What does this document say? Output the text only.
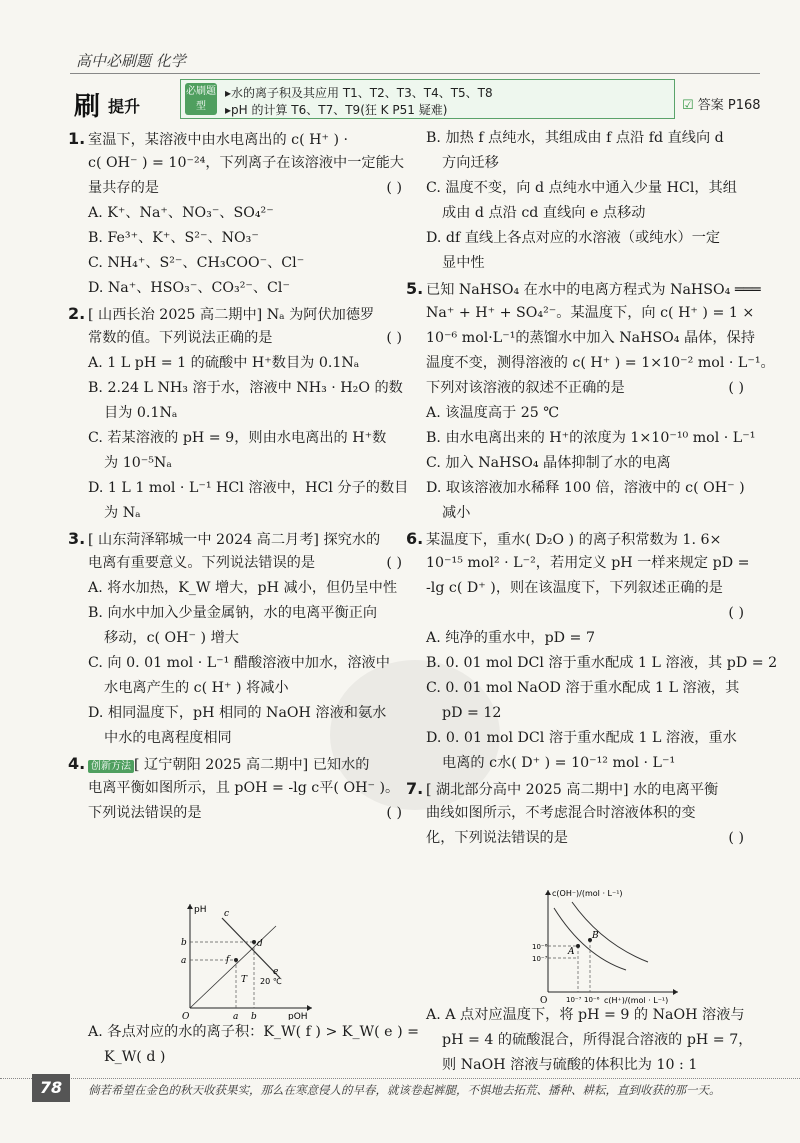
高中必刷题 化学
刷 提升
必刷题型
▸水的离子积及其应用 T1、T2、T3、T4、T5、T8
▸pH 的计算 T6、T7、T9(狂 K P51 疑难)	☑ 答案 P168
1. 室温下，某溶液中由水电离出的 c( H⁺ ) ·
c( OH⁻ ) = 10⁻²⁴，下列离子在该溶液中一定能大
量共存的是	( )
A. K⁺、Na⁺、NO₃⁻、SO₄²⁻
B. Fe³⁺、K⁺、S²⁻、NO₃⁻
C. NH₄⁺、S²⁻、CH₃COO⁻、Cl⁻
D. Na⁺、HSO₃⁻、CO₃²⁻、Cl⁻
2. [ 山西长治 2025 高二期中] Nₐ 为阿伏加德罗
常数的值。下列说法正确的是	( )
A. 1 L pH = 1 的硫酸中 H⁺数目为 0.1Nₐ
B. 2.24 L NH₃ 溶于水，溶液中 NH₃ · H₂O 的数
目为 0.1Nₐ
C. 若某溶液的 pH = 9，则由水电离出的 H⁺数
为 10⁻⁵Nₐ
D. 1 L 1 mol · L⁻¹ HCl 溶液中，HCl 分子的数目
为 Nₐ
3. [ 山东菏泽郓城一中 2024 高二月考] 探究水的
电离有重要意义。下列说法错误的是	( )
A. 将水加热，K_W 增大，pH 减小，但仍呈中性
B. 向水中加入少量金属钠，水的电离平衡正向
移动，c( OH⁻ ) 增大
C. 向 0. 01 mol · L⁻¹ 醋酸溶液中加水，溶液中
水电离产生的 c( H⁺ ) 将减小
D. 相同温度下，pH 相同的 NaOH 溶液和氨水
中水的电离程度相同
4. 创新方法 [ 辽宁朝阳 2025 高二期中] 已知水的
电离平衡如图所示，且 pOH = -lg c平( OH⁻ )。
下列说法错误的是	( )
A. 各点对应的水的离子积：K_W( f ) > K_W( e ) =
K_W( d )
B. 加热 f 点纯水，其组成由 f 点沿 fd 直线向 d
方向迁移
C. 温度不变，向 d 点纯水中通入少量 HCl，其组
成由 d 点沿 cd 直线向 e 点移动
D. df 直线上各点对应的水溶液（或纯水）一定
显中性
5. 已知 NaHSO₄ 在水中的电离方程式为 NaHSO₄ ═══
Na⁺ + H⁺ + SO₄²⁻。某温度下，向 c( H⁺ ) = 1 ×
10⁻⁶ mol·L⁻¹的蒸馏水中加入 NaHSO₄ 晶体，保持
温度不变，测得溶液的 c( H⁺ ) = 1×10⁻² mol · L⁻¹。
下列对该溶液的叙述不正确的是	( )
A. 该温度高于 25 ℃
B. 由水电离出来的 H⁺的浓度为 1×10⁻¹⁰ mol · L⁻¹
C. 加入 NaHSO₄ 晶体抑制了水的电离
D. 取该溶液加水稀释 100 倍，溶液中的 c( OH⁻ )
减小
6. 某温度下，重水( D₂O ) 的离子积常数为 1. 6×
10⁻¹⁵ mol² · L⁻²，若用定义 pH 一样来规定 pD =
-lg c( D⁺ )，则在该温度下，下列叙述正确的是
( )
A. 纯净的重水中，pD = 7
B. 0. 01 mol DCl 溶于重水配成 1 L 溶液，其 pD = 2
C. 0. 01 mol NaOD 溶于重水配成 1 L 溶液，其
pD = 12
D. 0. 01 mol DCl 溶于重水配成 1 L 溶液，重水
电离的 c水( D⁺ ) = 10⁻¹² mol · L⁻¹
7. [ 湖北部分高中 2025 高二期中] 水的电离平衡
曲线如图所示，不考虑混合时溶液体积的变
化，下列说法错误的是	( )
A. A 点对应温度下，将 pH = 9 的 NaOH 溶液与
pH = 4 的硫酸混合，所得混合溶液的 pH = 7，
则 NaOH 溶液与硫酸的体积比为 10 : 1
pH
pOH
O	a b
b
a
c
d
e
f
T 20 ℃
c(OH⁻)/(mol · L⁻¹)
c(H⁺)/(mol · L⁻¹)
O
10⁻⁶
10⁻⁷
10⁻⁷ 10⁻⁶
A
B
78	倘若希望在金色的秋天收获果实，那么在寒意侵人的早春，就该卷起裤腿，不惧地去拓荒、播种、耕耘，直到收获的那一天。
